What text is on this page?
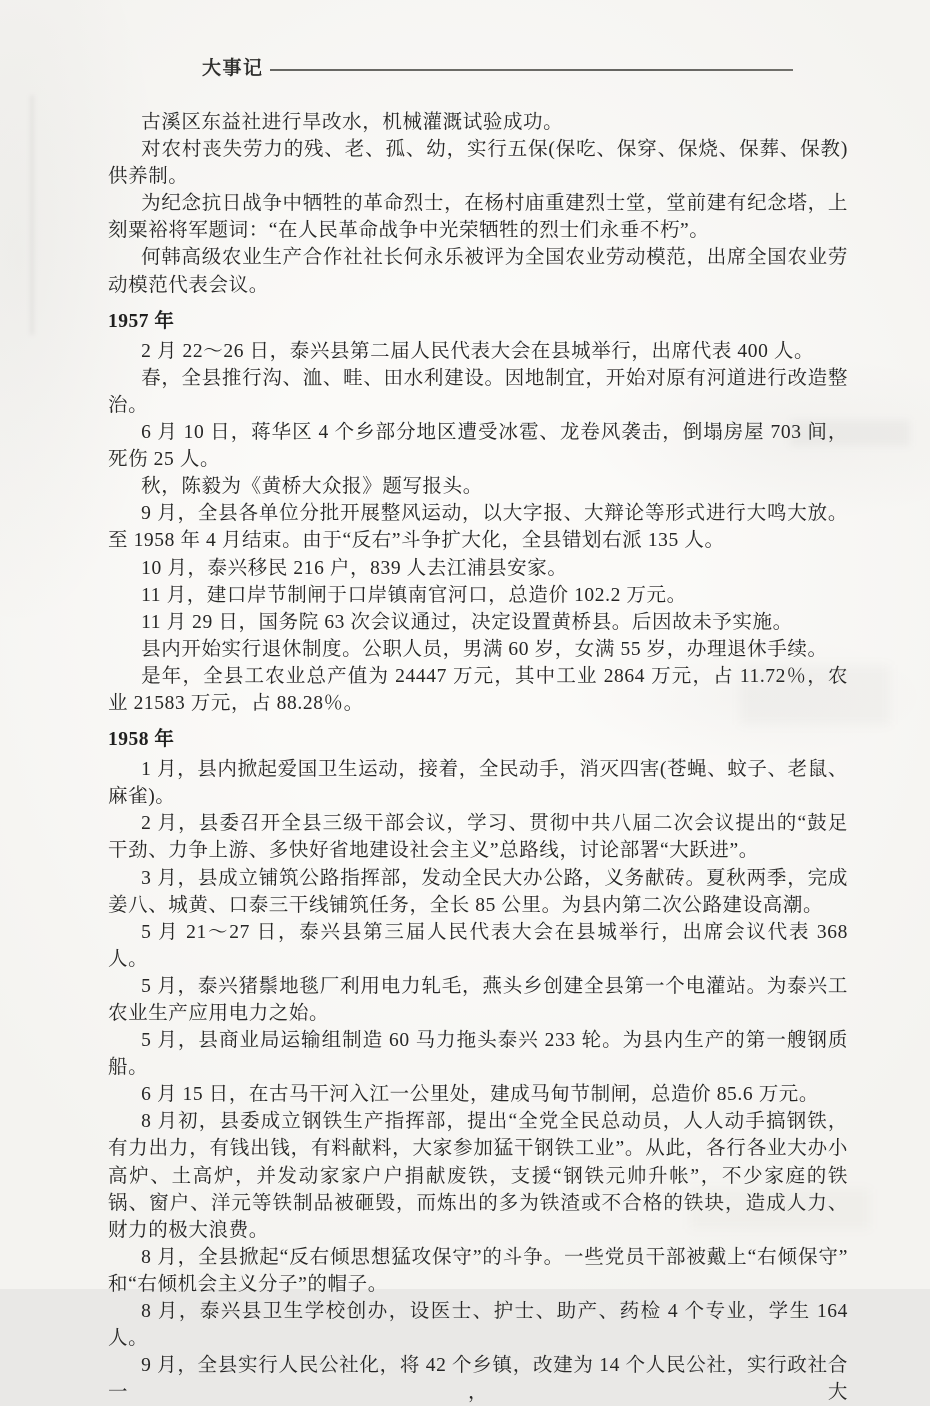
大事记

古溪区东益社进行旱改水，机械灌溉试验成功。

对农村丧失劳力的残、老、孤、幼，实行五保(保吃、保穿、保烧、保葬、保教)供养制。

为纪念抗日战争中牺牲的革命烈士，在杨村庙重建烈士堂，堂前建有纪念塔，上刻粟裕将军题词：“在人民革命战争中光荣牺牲的烈士们永垂不朽”。

何韩高级农业生产合作社社长何永乐被评为全国农业劳动模范，出席全国农业劳动模范代表会议。

1957 年

2 月 22～26 日，泰兴县第二届人民代表大会在县城举行，出席代表 400 人。

春，全县推行沟、洫、畦、田水利建设。因地制宜，开始对原有河道进行改造整治。

6 月 10 日，蒋华区 4 个乡部分地区遭受冰雹、龙卷风袭击，倒塌房屋 703 间，死伤 25 人。

秋，陈毅为《黄桥大众报》题写报头。

9 月，全县各单位分批开展整风运动，以大字报、大辩论等形式进行大鸣大放。至 1958 年 4 月结束。由于“反右”斗争扩大化，全县错划右派 135 人。

10 月，泰兴移民 216 户，839 人去江浦县安家。

11 月，建口岸节制闸于口岸镇南官河口，总造价 102.2 万元。

11 月 29 日，国务院 63 次会议通过，决定设置黄桥县。后因故未予实施。

县内开始实行退休制度。公职人员，男满 60 岁，女满 55 岁，办理退休手续。

是年，全县工农业总产值为 24447 万元，其中工业 2864 万元，占 11.72％，农业 21583 万元，占 88.28％。

1958 年

1 月，县内掀起爱国卫生运动，接着，全民动手，消灭四害(苍蝇、蚊子、老鼠、麻雀)。

2 月，县委召开全县三级干部会议，学习、贯彻中共八届二次会议提出的“鼓足干劲、力争上游、多快好省地建设社会主义”总路线，讨论部署“大跃进”。

3 月，县成立铺筑公路指挥部，发动全民大办公路，义务献砖。夏秋两季，完成姜八、城黄、口泰三干线铺筑任务，全长 85 公里。为县内第二次公路建设高潮。

5 月 21～27 日，泰兴县第三届人民代表大会在县城举行，出席会议代表 368 人。

5 月，泰兴猪鬃地毯厂利用电力轧毛，燕头乡创建全县第一个电灌站。为泰兴工农业生产应用电力之始。

5 月，县商业局运输组制造 60 马力拖头泰兴 233 轮。为县内生产的第一艘钢质船。

6 月 15 日，在古马干河入江一公里处，建成马甸节制闸，总造价 85.6 万元。

8 月初，县委成立钢铁生产指挥部，提出“全党全民总动员，人人动手搞钢铁，有力出力，有钱出钱，有料献料，大家参加猛干钢铁工业”。从此，各行各业大办小高炉、土高炉，并发动家家户户捐献废铁，支援“钢铁元帅升帐”，不少家庭的铁锅、窗户、洋元等铁制品被砸毁，而炼出的多为铁渣或不合格的铁块，造成人力、财力的极大浪费。

8 月，全县掀起“反右倾思想猛攻保守”的斗争。一些党员干部被戴上“右倾保守”和“右倾机会主义分子”的帽子。

8 月，泰兴县卫生学校创办，设医士、护士、助产、药检 4 个专业，学生 164 人。

9 月，全县实行人民公社化，将 42 个乡镇，改建为 14 个人民公社，实行政社合一，大
